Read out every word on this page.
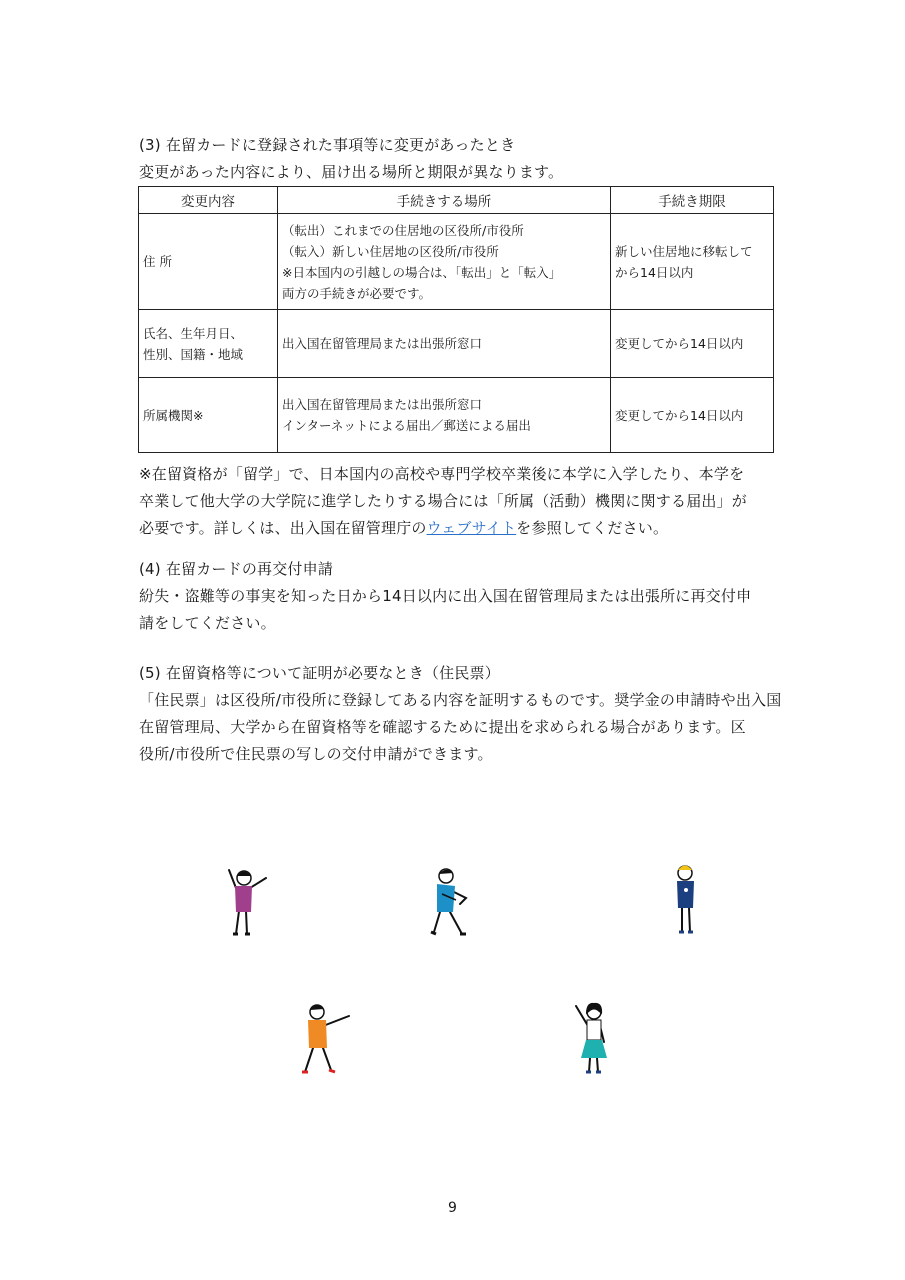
(3) 在留カードに登録された事項等に変更があったとき
変更があった内容により、届け出る場所と期限が異なります。
変更内容	手続きする場所	手続き期限

住 所	（転出）これまでの住居地の区役所/市役所
（転入）新しい住居地の区役所/市役所
※日本国内の引越しの場合は、「転出」と「転入」
両方の手続きが必要です。	新しい住居地に移転して
から14日以内

氏名、生年月日、
性別、国籍・地域	出入国在留管理局または出張所窓口	変更してから14日以内

所属機関※	出入国在留管理局または出張所窓口
インターネットによる届出／郵送による届出	変更してから14日以内
※在留資格が「留学」で、日本国内の高校や専門学校卒業後に本学に入学したり、本学を
卒業して他大学の大学院に進学したりする場合には「所属（活動）機関に関する届出」が
必要です。詳しくは、出入国在留管理庁のウェブサイトを参照してください。
(4) 在留カードの再交付申請
紛失・盗難等の事実を知った日から14日以内に出入国在留管理局または出張所に再交付申
請をしてください。
(5) 在留資格等について証明が必要なとき（住民票）
「住民票」は区役所/市役所に登録してある内容を証明するものです。奨学金の申請時や出入国
在留管理局、大学から在留資格等を確認するために提出を求められる場合があります。区
役所/市役所で住民票の写しの交付申請ができます。
9
